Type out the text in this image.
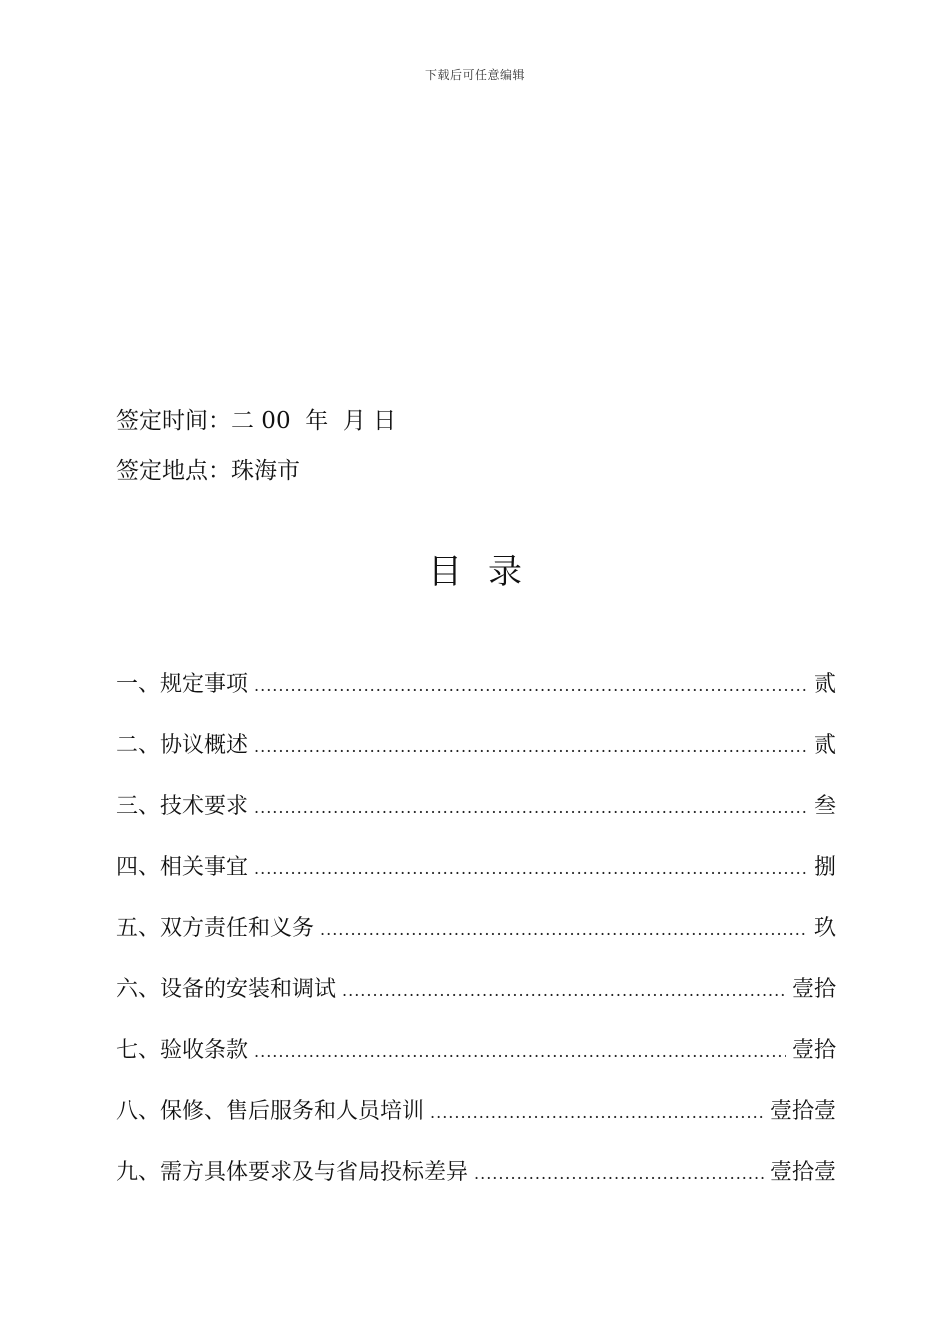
下载后可任意编辑
签定时间：二 00  年  月 日
签定地点：珠海市
目录
一、规定事项 .....	贰
二、协议概述 .....	贰
三、技术要求 .....	叁
四、相关事宜 .....	捌
五、双方责任和义务 .....	玖
六、设备的安装和调试 .....	壹拾
七、验收条款 .....	壹拾
八、保修、售后服务和人员培训 .....	壹拾壹
九、需方具体要求及与省局投标差异 .....	壹拾壹
